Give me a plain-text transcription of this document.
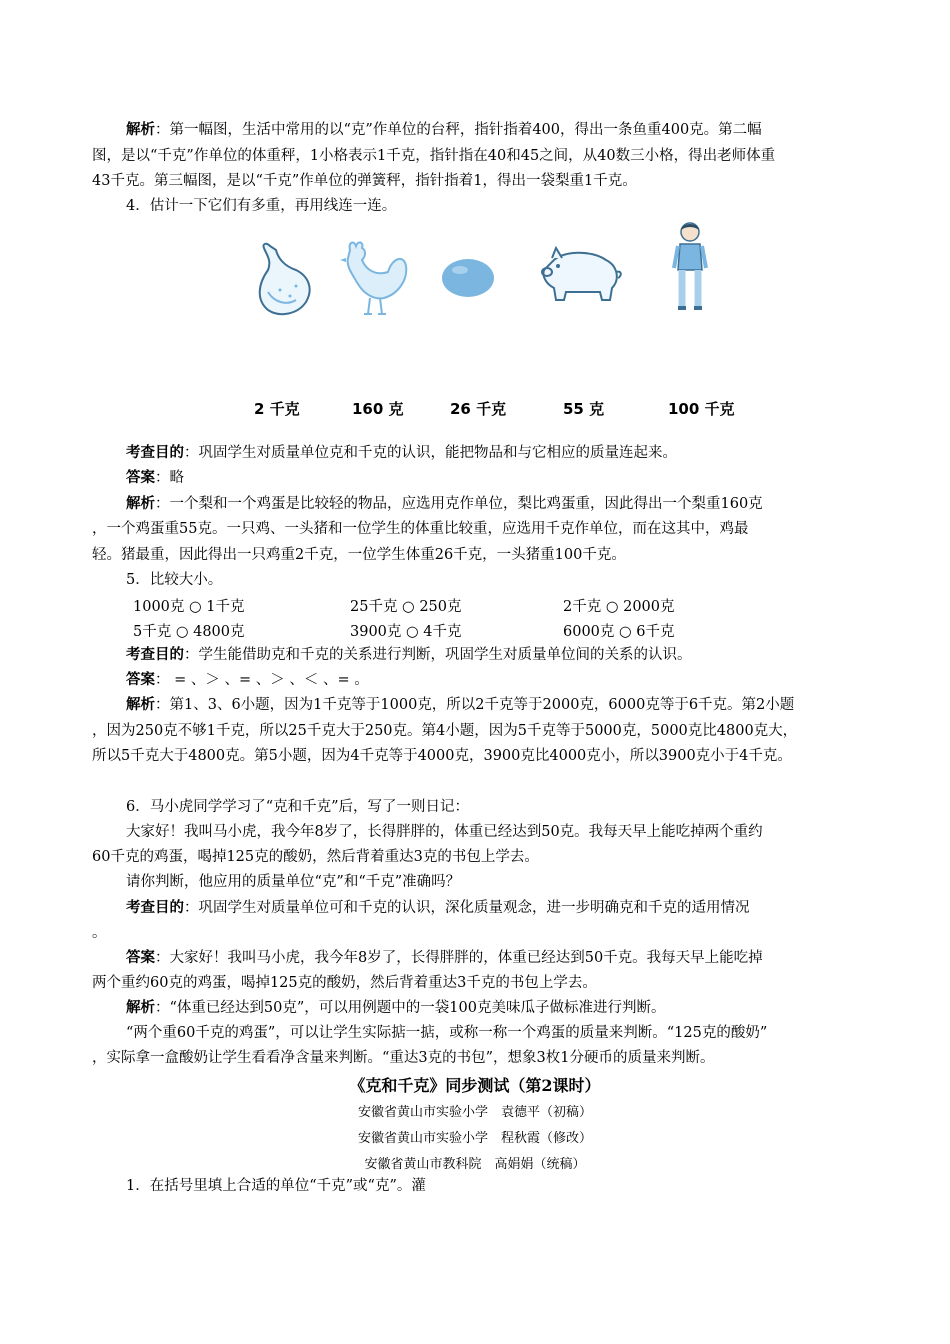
解析：第一幅图，生活中常用的以“克”作单位的台秤，指针指着400，得出一条鱼重400克。第二幅
图，是以“千克”作单位的体重秤，1小格表示1千克，指针指在40和45之间，从40数三小格，得出老师体重
43千克。第三幅图，是以“千克”作单位的弹簧秤，指针指着1，得出一袋梨重1千克。
4．估计一下它们有多重，再用线连一连。
2 千克	160 克	26 千克	55 克	100 千克
考查目的：巩固学生对质量单位克和千克的认识，能把物品和与它相应的质量连起来。
答案：略
解析：一个梨和一个鸡蛋是比较轻的物品，应选用克作单位，梨比鸡蛋重，因此得出一个梨重160克
，一个鸡蛋重55克。一只鸡、一头猪和一位学生的体重比较重，应选用千克作单位，而在这其中，鸡最
轻。猪最重，因此得出一只鸡重2千克，一位学生体重26千克，一头猪重100千克。
5．比较大小。
1000克 ○ 1千克	25千克 ○ 250克	2千克 ○ 2000克
5千克 ○ 4800克	3900克 ○ 4千克	6000克 ○ 6千克
考查目的：学生能借助克和千克的关系进行判断，巩固学生对质量单位间的关系的认识。
答案： = 、＞ 、= 、＞ 、＜ 、= 。
解析：第1、3、6小题，因为1千克等于1000克，所以2千克等于2000克，6000克等于6千克。第2小题
，因为250克不够1千克，所以25千克大于250克。第4小题，因为5千克等于5000克，5000克比4800克大，
所以5千克大于4800克。第5小题，因为4千克等于4000克，3900克比4000克小，所以3900克小于4千克。
6．马小虎同学学习了“克和千克”后，写了一则日记：
大家好！我叫马小虎，我今年8岁了，长得胖胖的，体重已经达到50克。我每天早上能吃掉两个重约
60千克的鸡蛋，喝掉125克的酸奶，然后背着重达3克的书包上学去。
请你判断，他应用的质量单位“克”和“千克”准确吗？
考查目的：巩固学生对质量单位可和千克的认识，深化质量观念，进一步明确克和千克的适用情况
。
答案：大家好！我叫马小虎，我今年8岁了，长得胖胖的，体重已经达到50千克。我每天早上能吃掉
两个重约60克的鸡蛋，喝掉125克的酸奶，然后背着重达3千克的书包上学去。
解析：“体重已经达到50克”，可以用例题中的一袋100克美味瓜子做标准进行判断。
“两个重60千克的鸡蛋”，可以让学生实际掂一掂，或称一称一个鸡蛋的质量来判断。“125克的酸奶”
，实际拿一盒酸奶让学生看看净含量来判断。“重达3克的书包”，想象3枚1分硬币的质量来判断。
《克和千克》同步测试（第2课时）
安徽省黄山市实验小学　袁德平（初稿）
安徽省黄山市实验小学　程秋霞（修改）
安徽省黄山市教科院　高娟娟（统稿）
1．在括号里填上合适的单位“千克”或“克”。灌
